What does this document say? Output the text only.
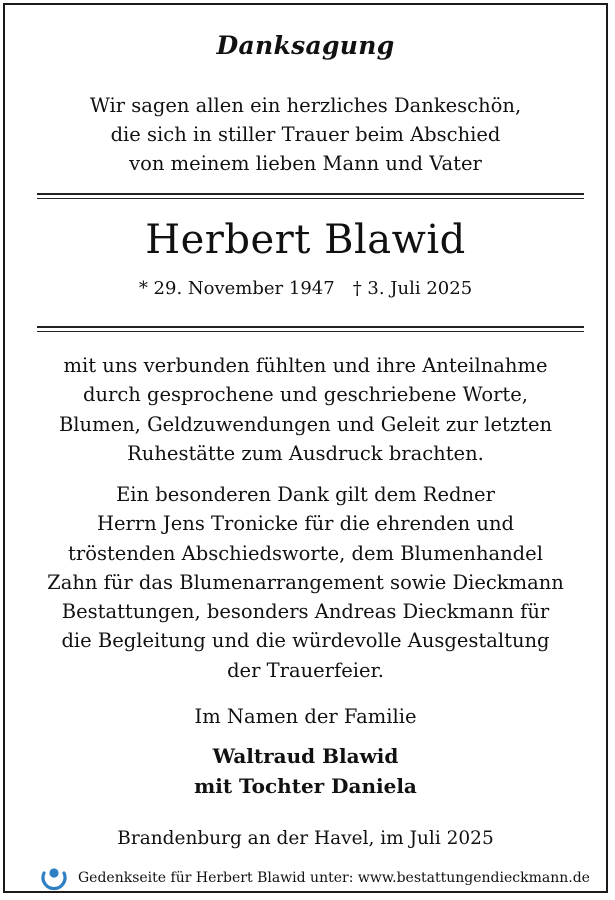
Danksagung
Wir sagen allen ein herzliches Dankeschön,
die sich in stiller Trauer beim Abschied
von meinem lieben Mann und Vater
Herbert Blawid
* 29. November 1947 † 3. Juli 2025
mit uns verbunden fühlten und ihre Anteilnahme
durch gesprochene und geschriebene Worte,
Blumen, Geldzuwendungen und Geleit zur letzten
Ruhestätte zum Ausdruck brachten.
Ein besonderen Dank gilt dem Redner
Herrn Jens Tronicke für die ehrenden und
tröstenden Abschiedsworte, dem Blumenhandel
Zahn für das Blumenarrangement sowie Dieckmann
Bestattungen, besonders Andreas Dieckmann für
die Begleitung und die würdevolle Ausgestaltung
der Trauerfeier.
Im Namen der Familie
Waltraud Blawid
mit Tochter Daniela
Brandenburg an der Havel, im Juli 2025
Gedenkseite für Herbert Blawid unter: www.bestattungendieckmann.de
